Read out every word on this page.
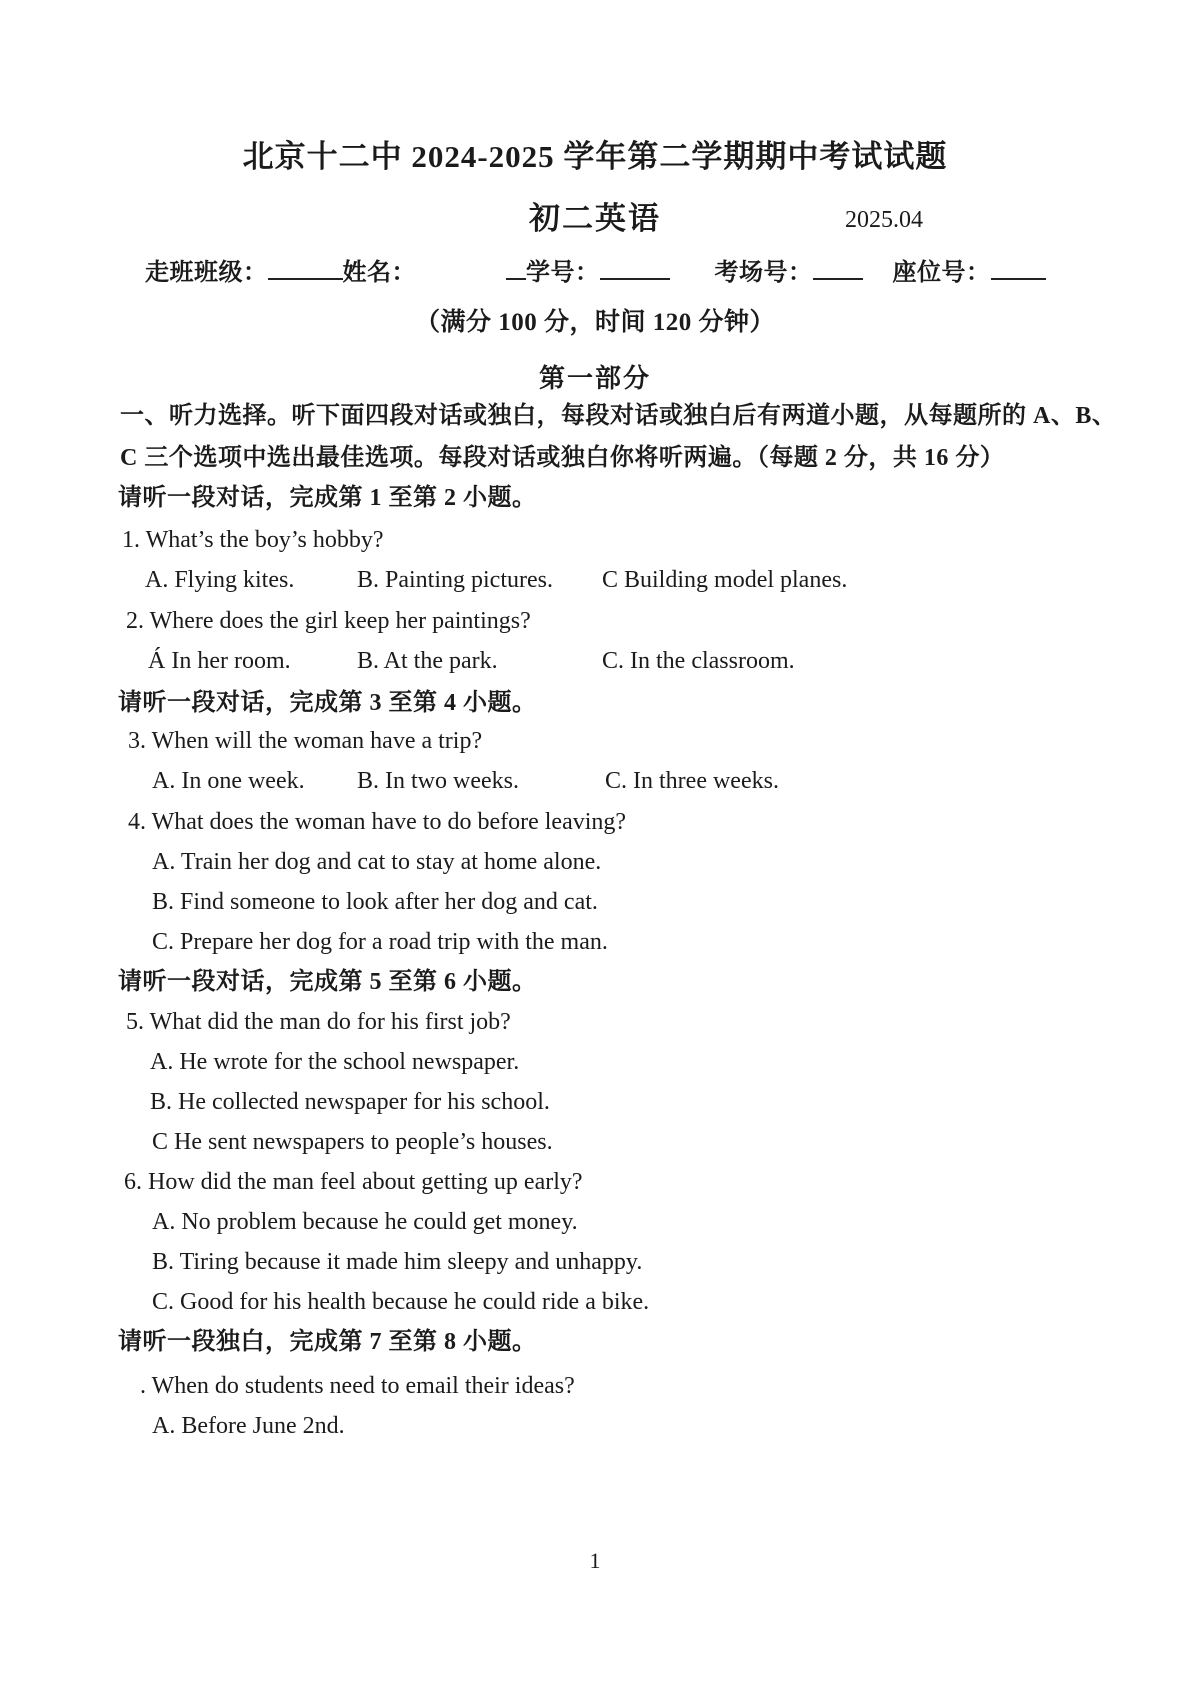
北京十二中 2024-2025 学年第二学期期中考试试题
初二英语	2025.04
走班班级：	姓名：	学号：	考场号：	座位号：
（满分 100 分，时间 120 分钟）
第一部分
一、听力选择。听下面四段对话或独白，每段对话或独白后有两道小题，从每题所的 A、B、
C 三个选项中选出最佳选项。每段对话或独白你将听两遍。（每题 2 分，共 16 分）
请听一段对话，完成第 1 至第 2 小题。
1. What’s the boy’s hobby?
A. Flying kites.	B. Painting pictures.	C Building model planes.
2. Where does the girl keep her paintings?
Á In her room.	B. At the park.	C. In the classroom.
请听一段对话，完成第 3 至第 4 小题。
3. When will the woman have a trip?
A. In one week.	B. In two weeks.	C. In three weeks.
4. What does the woman have to do before leaving?
A. Train her dog and cat to stay at home alone.
B. Find someone to look after her dog and cat.
C. Prepare her dog for a road trip with the man.
请听一段对话，完成第 5 至第 6 小题。
5. What did the man do for his first job?
A. He wrote for the school newspaper.
B. He collected newspaper for his school.
C He sent newspapers to people’s houses.
6. How did the man feel about getting up early?
A. No problem because he could get money.
B. Tiring because it made him sleepy and unhappy.
C. Good for his health because he could ride a bike.
请听一段独白，完成第 7 至第 8 小题。
. When do students need to email their ideas?
A. Before June 2nd.
1
